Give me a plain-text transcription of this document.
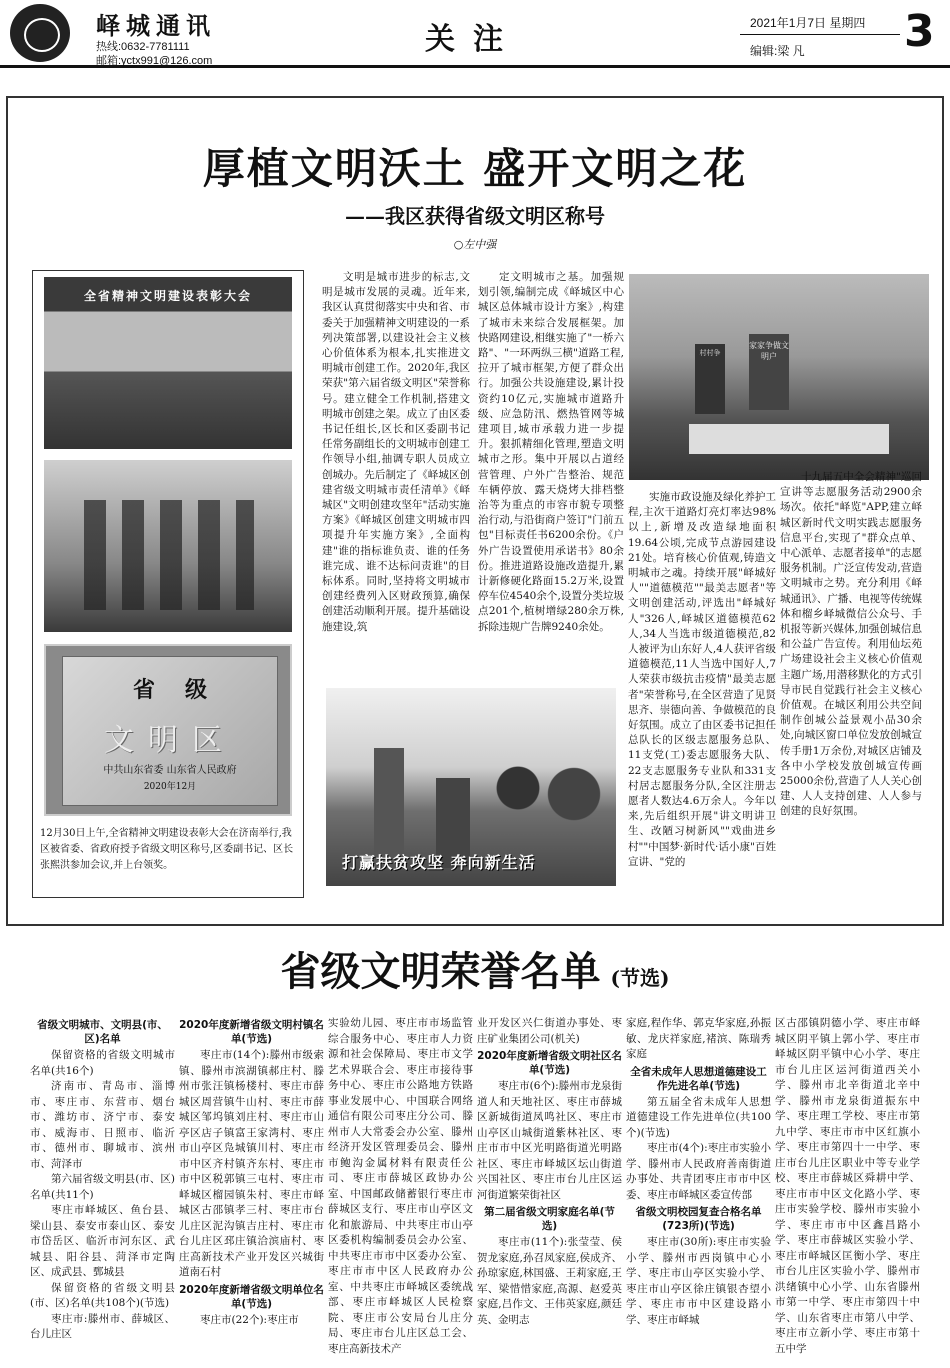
峄城通讯
热线:0632-7781111
邮箱:yctx991@126.com
关注	2021年1月7日 星期四
编辑:梁 凡 3
厚植文明沃土 盛开文明之花
——我区获得省级文明区称号
○左中强
全省精神文明建设表彰大会
省级
文明区
中共山东省委 山东省人民政府
2020年12月
12月30日上午,全省精神文明建设表彰大会在济南举行,我区被省委、省政府授予省级文明区称号,区委副书记、区长张熙洪参加会议,并上台领奖。
文明是城市进步的标志,文明是城市发展的灵魂。近年来,我区认真贯彻落实中央和省、市委关于加强精神文明建设的一系列决策部署,以建设社会主义核心价值体系为根本,扎实推进文明城市创建工作。2020年,我区荣获"第六届省级文明区"荣誉称号。建立健全工作机制,搭建文明城市创建之架。成立了由区委书记任组长,区长和区委副书记任常务副组长的文明城市创建工作领导小组,抽调专职人员成立创城办。先后制定了《峄城区创建省级文明城市责任清单》《峄城区"文明创建攻坚年"活动实施方案》《峄城区创建文明城市四项提升年实施方案》,全面构建"谁的指标谁负责、谁的任务谁完成、谁不达标问责谁"的目标体系。同时,坚持将文明城市创建经费列入区财政预算,确保创建活动顺利开展。提升基础设施建设,筑
定文明城市之基。加强规划引领,编制完成《峄城区中心城区总体城市设计方案》,构建了城市未来综合发展框架。加快路网建设,相继实施了"一桥六路"、"一环两纵三横"道路工程,拉开了城市框架,方便了群众出行。加强公共设施建设,累计投资约10亿元,实施城市道路升级、应急防汛、燃热管网等城建项目,城市承载力进一步提升。狠抓精细化管理,塑造文明城市之形。集中开展以占道经营管理、户外广告整治、规范车辆停放、露天烧烤大排档整治等为重点的市容市貌专项整治行动,与沿街商户签订"门前五包"目标责任书6200余份。《户外广告设置使用承诺书》80余份。推进道路设施改造提升,累计新修硬化路面15.2万米,设置停车位4540余个,设置分类垃圾点201个,植树增绿280余万株,拆除违规广告牌9240余处。
村村争
家家争做文明户
打赢扶贫攻坚 奔向新生活
实施市政设施及绿化养护工程,主次干道路灯亮灯率达98%以上,新增及改造绿地面积19.64公顷,完成节点游园建设21处。培育核心价值观,铸造文明城市之魂。持续开展"峄城好人""道德模范""最美志愿者"等文明创建活动,评选出"峄城好人"326人,峄城区道德模范62人,34人当选市级道德模范,82人被评为山东好人,4人获评省级道德模范,11人当选中国好人,7人荣获市级抗击疫情"最美志愿者"荣誉称号,在全区营造了见贤思齐、崇德向善、争做模范的良好氛围。成立了由区委书记担任总队长的区级志愿服务总队、11支党(工)委志愿服务大队、22支志愿服务专业队和331支村居志愿服务分队,全区注册志愿者人数达4.6万余人。今年以来,先后组织开展"讲文明讲卫生、改陋习树新风""戏曲进乡村""中国梦·新时代·话小康"百姓宣讲、"党的
十九届五中全会精神"巡回宣讲等志愿服务活动2900余场次。依托"峄览"APP,建立峄城区新时代文明实践志愿服务信息平台,实现了"群众点单、中心派单、志愿者接单"的志愿服务机制。广泛宣传发动,营造文明城市之势。充分利用《峄城通讯》、广播、电视等传统媒体和榴乡峄城微信公众号、手机报等新兴媒体,加强创城信息和公益广告宣传。利用仙坛苑广场建设社会主义核心价值观主题广场,用潜移默化的方式引导市民自觉践行社会主义核心价值观。在城区利用公共空间制作创城公益景观小品30余处,向城区窗口单位发放创城宣传手册1万余份,对城区店铺及各中小学校发放创城宣传画25000余份,营造了人人关心创建、人人支持创建、人人参与创建的良好氛围。
省级文明荣誉名单 (节选)
省级文明城市、文明县(市、区)名单
保留资格的省级文明城市名单(共16个)
济南市、青岛市、淄博市、枣庄市、东营市、烟台市、潍坊市、济宁市、泰安市、威海市、日照市、临沂市、德州市、聊城市、滨州市、菏泽市
第六届省级文明县(市、区)名单(共11个)
枣庄市峄城区、鱼台县、梁山县、泰安市泰山区、泰安市岱岳区、临沂市河东区、武城县、阳谷县、菏泽市定陶区、成武县、鄄城县
保留资格的省级文明县(市、区)名单(共108个)(节选)
枣庄市:滕州市、薛城区、台儿庄区
2020年度新增省级文明村镇名单(节选)
枣庄市(14个):滕州市级索镇、滕州市滨湖镇郝庄村、滕州市张汪镇杨楼村、枣庄市薛城区周营镇牛山村、枣庄市薛城区邹坞镇刘庄村、枣庄市山亭区店子镇富王家湾村、枣庄市山亭区凫城镇川村、枣庄市市中区齐村镇齐东村、枣庄市市中区税郭镇三屯村、枣庄市峄城区榴园镇朱村、枣庄市峄城区古邵镇孝三村、枣庄市台儿庄区泥沟镇吉庄村、枣庄市台儿庄区邳庄镇洽滨庙村、枣庄高新技术产业开发区兴城街道南石村
2020年度新增省级文明单位名单(节选)
枣庄市(22个):枣庄市
实验幼儿园、枣庄市市场监管综合服务中心、枣庄市人力资源和社会保障局、枣庄市文学艺术界联合会、枣庄市接待事务中心、枣庄市公路地方铁路事业发展中心、中国联合网络通信有限公司枣庄分公司、滕州市人大常委会办公室、滕州经济开发区管理委员会、滕州市鲍沟金属材料有限责任公司、枣庄市薛城区政协办公室、中国邮政储蓄银行枣庄市薛城区支行、枣庄市山亭区文化和旅游局、中共枣庄市山亭区委机构编制委员会办公室、中共枣庄市市中区委办公室、枣庄市市中区人民政府办公室、中共枣庄市峄城区委统战部、枣庄市峄城区人民检察院、枣庄市公安局台儿庄分局、枣庄市台儿庄区总工会、枣庄高新技术产
业开发区兴仁街道办事处、枣庄矿业集团公司(机关)
2020年度新增省级文明社区名单(节选)
枣庄市(6个):滕州市龙泉街道人和天地社区、枣庄市薛城区新城街道凤鸣社区、枣庄市山亭区山城街道紫林社区、枣庄市市中区光明路街道光明路社区、枣庄市峄城区坛山街道兴国社区、枣庄市台儿庄区运河街道繁荣街社区
第二届省级文明家庭名单(节选)
枣庄市(11个):张莹莹、侯贺龙家庭,孙召凤家庭,侯成齐、孙琼家庭,林国盛、王莉家庭,王军、梁惜惜家庭,高源、赵爱英家庭,吕作文、王伟英家庭,颜廷英、金明志
家庭,程作华、郭克华家庭,孙振敏、龙庆祥家庭,褚滨、陈瑞秀家庭
全省未成年人思想道德建设工作先进名单(节选)
第五届全省未成年人思想道德建设工作先进单位(共100个)(节选)
枣庄市(4个):枣庄市实验小学、滕州市人民政府善南街道办事处、共青团枣庄市市中区委、枣庄市峄城区委宣传部
省级文明校园复查合格名单(723所)(节选)
枣庄市(30所):枣庄市实验小学、滕州市西岗镇中心小学、枣庄市山亭区实验小学、枣庄市山亭区徐庄镇银杏望小学、枣庄市市中区建设路小学、枣庄市峄城
区古邵镇阴德小学、枣庄市峄城区阴平镇上郭小学、枣庄市峄城区阴平镇中心小学、枣庄市台儿庄区运河街道西关小学、滕州市北辛街道北辛中学、滕州市龙泉街道振东中学、枣庄理工学校、枣庄市第九中学、枣庄市市中区红旗小学、枣庄市第四十一中学、枣庄市台儿庄区职业中等专业学校、枣庄市薛城区舜耕中学、枣庄市市中区文化路小学、枣庄市实验学校、滕州市实验小学、枣庄市市中区鑫昌路小学、枣庄市薛城区实验小学、枣庄市峄城区匡衡小学、枣庄市台儿庄区实验小学、滕州市洪绪镇中心小学、山东省滕州市第一中学、枣庄市第四十中学、山东省枣庄市第八中学、枣庄市立新小学、枣庄市第十五中学
